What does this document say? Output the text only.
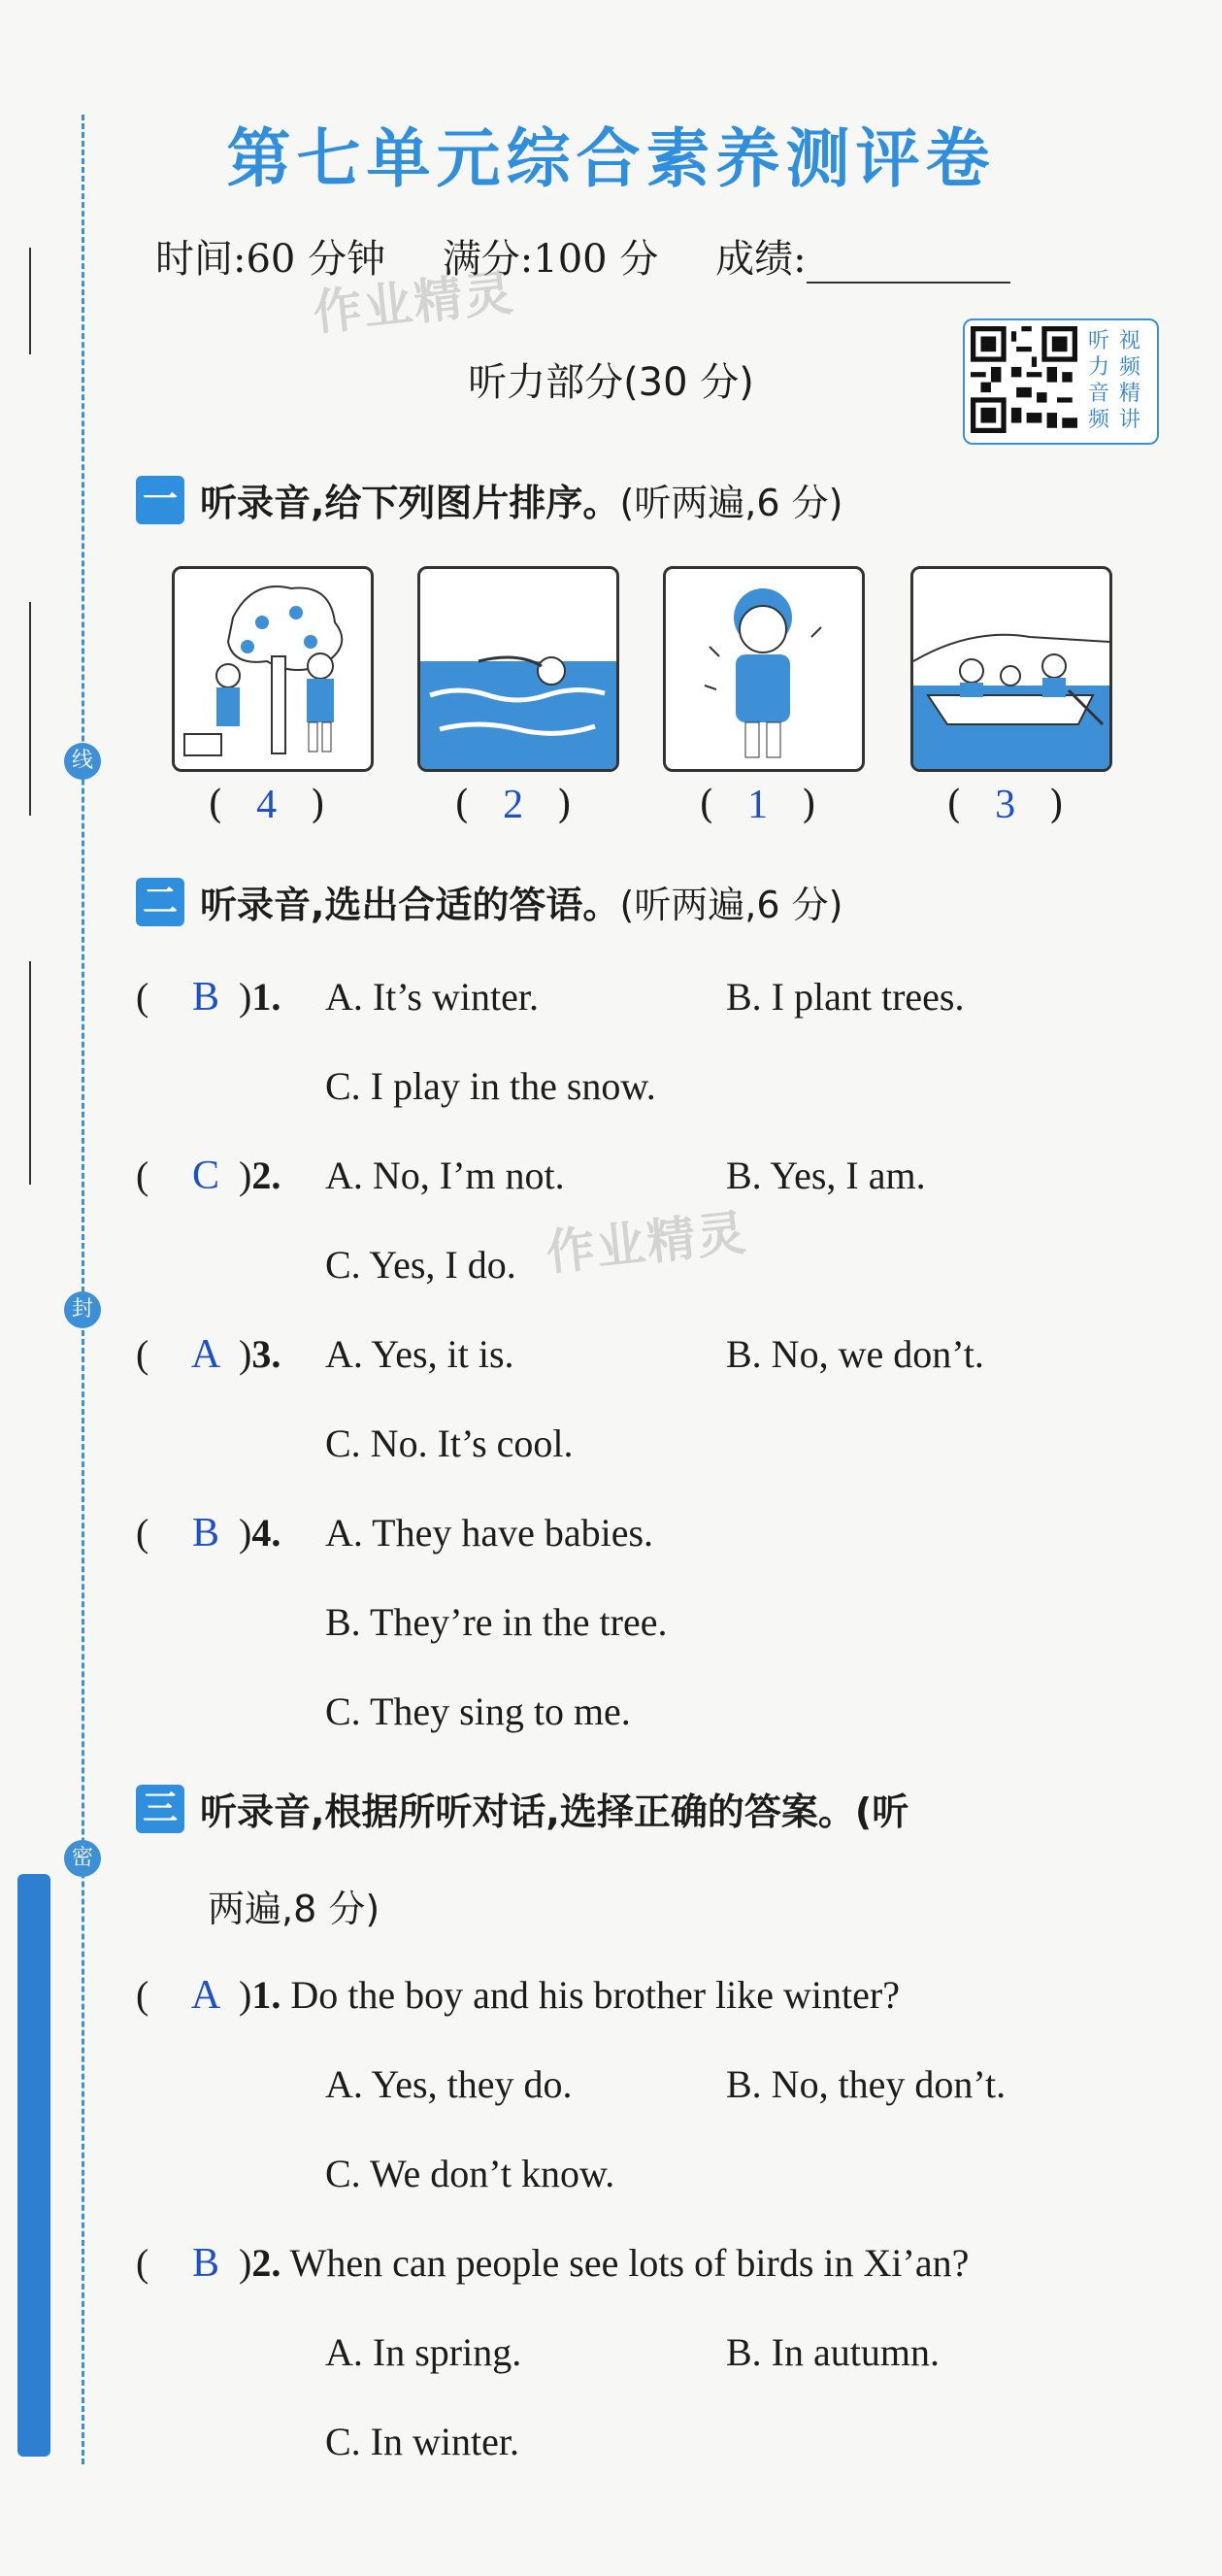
线
封
密
第七单元综合素养测评卷
时间:60 分钟 满分:100 分 成绩:
作业精灵
作业精灵
听力部分(30 分)
听 视
力 频
音 精
频 讲
一 听录音,给下列图片排序。(听两遍,6 分)
( 4 )	( 2 )	( 1 )	( 3 )
二 听录音,选出合适的答语。(听两遍,6 分)
( B )1. A. It’s winter.	B. I plant trees.
C. I play in the snow.
( C )2. A. No, I’m not.	B. Yes, I am.
C. Yes, I do.
( A )3. A. Yes, it is.	B. No, we don’t.
C. No. It’s cool.
( B )4. A. They have babies.
B. They’re in the tree.
C. They sing to me.
三 听录音,根据所听对话,选择正确的答案。(听
两遍,8 分)
( A )1. Do the boy and his brother like winter?
A. Yes, they do.	B. No, they don’t.
C. We don’t know.
( B )2. When can people see lots of birds in Xi’an?
A. In spring.	B. In autumn.
C. In winter.
